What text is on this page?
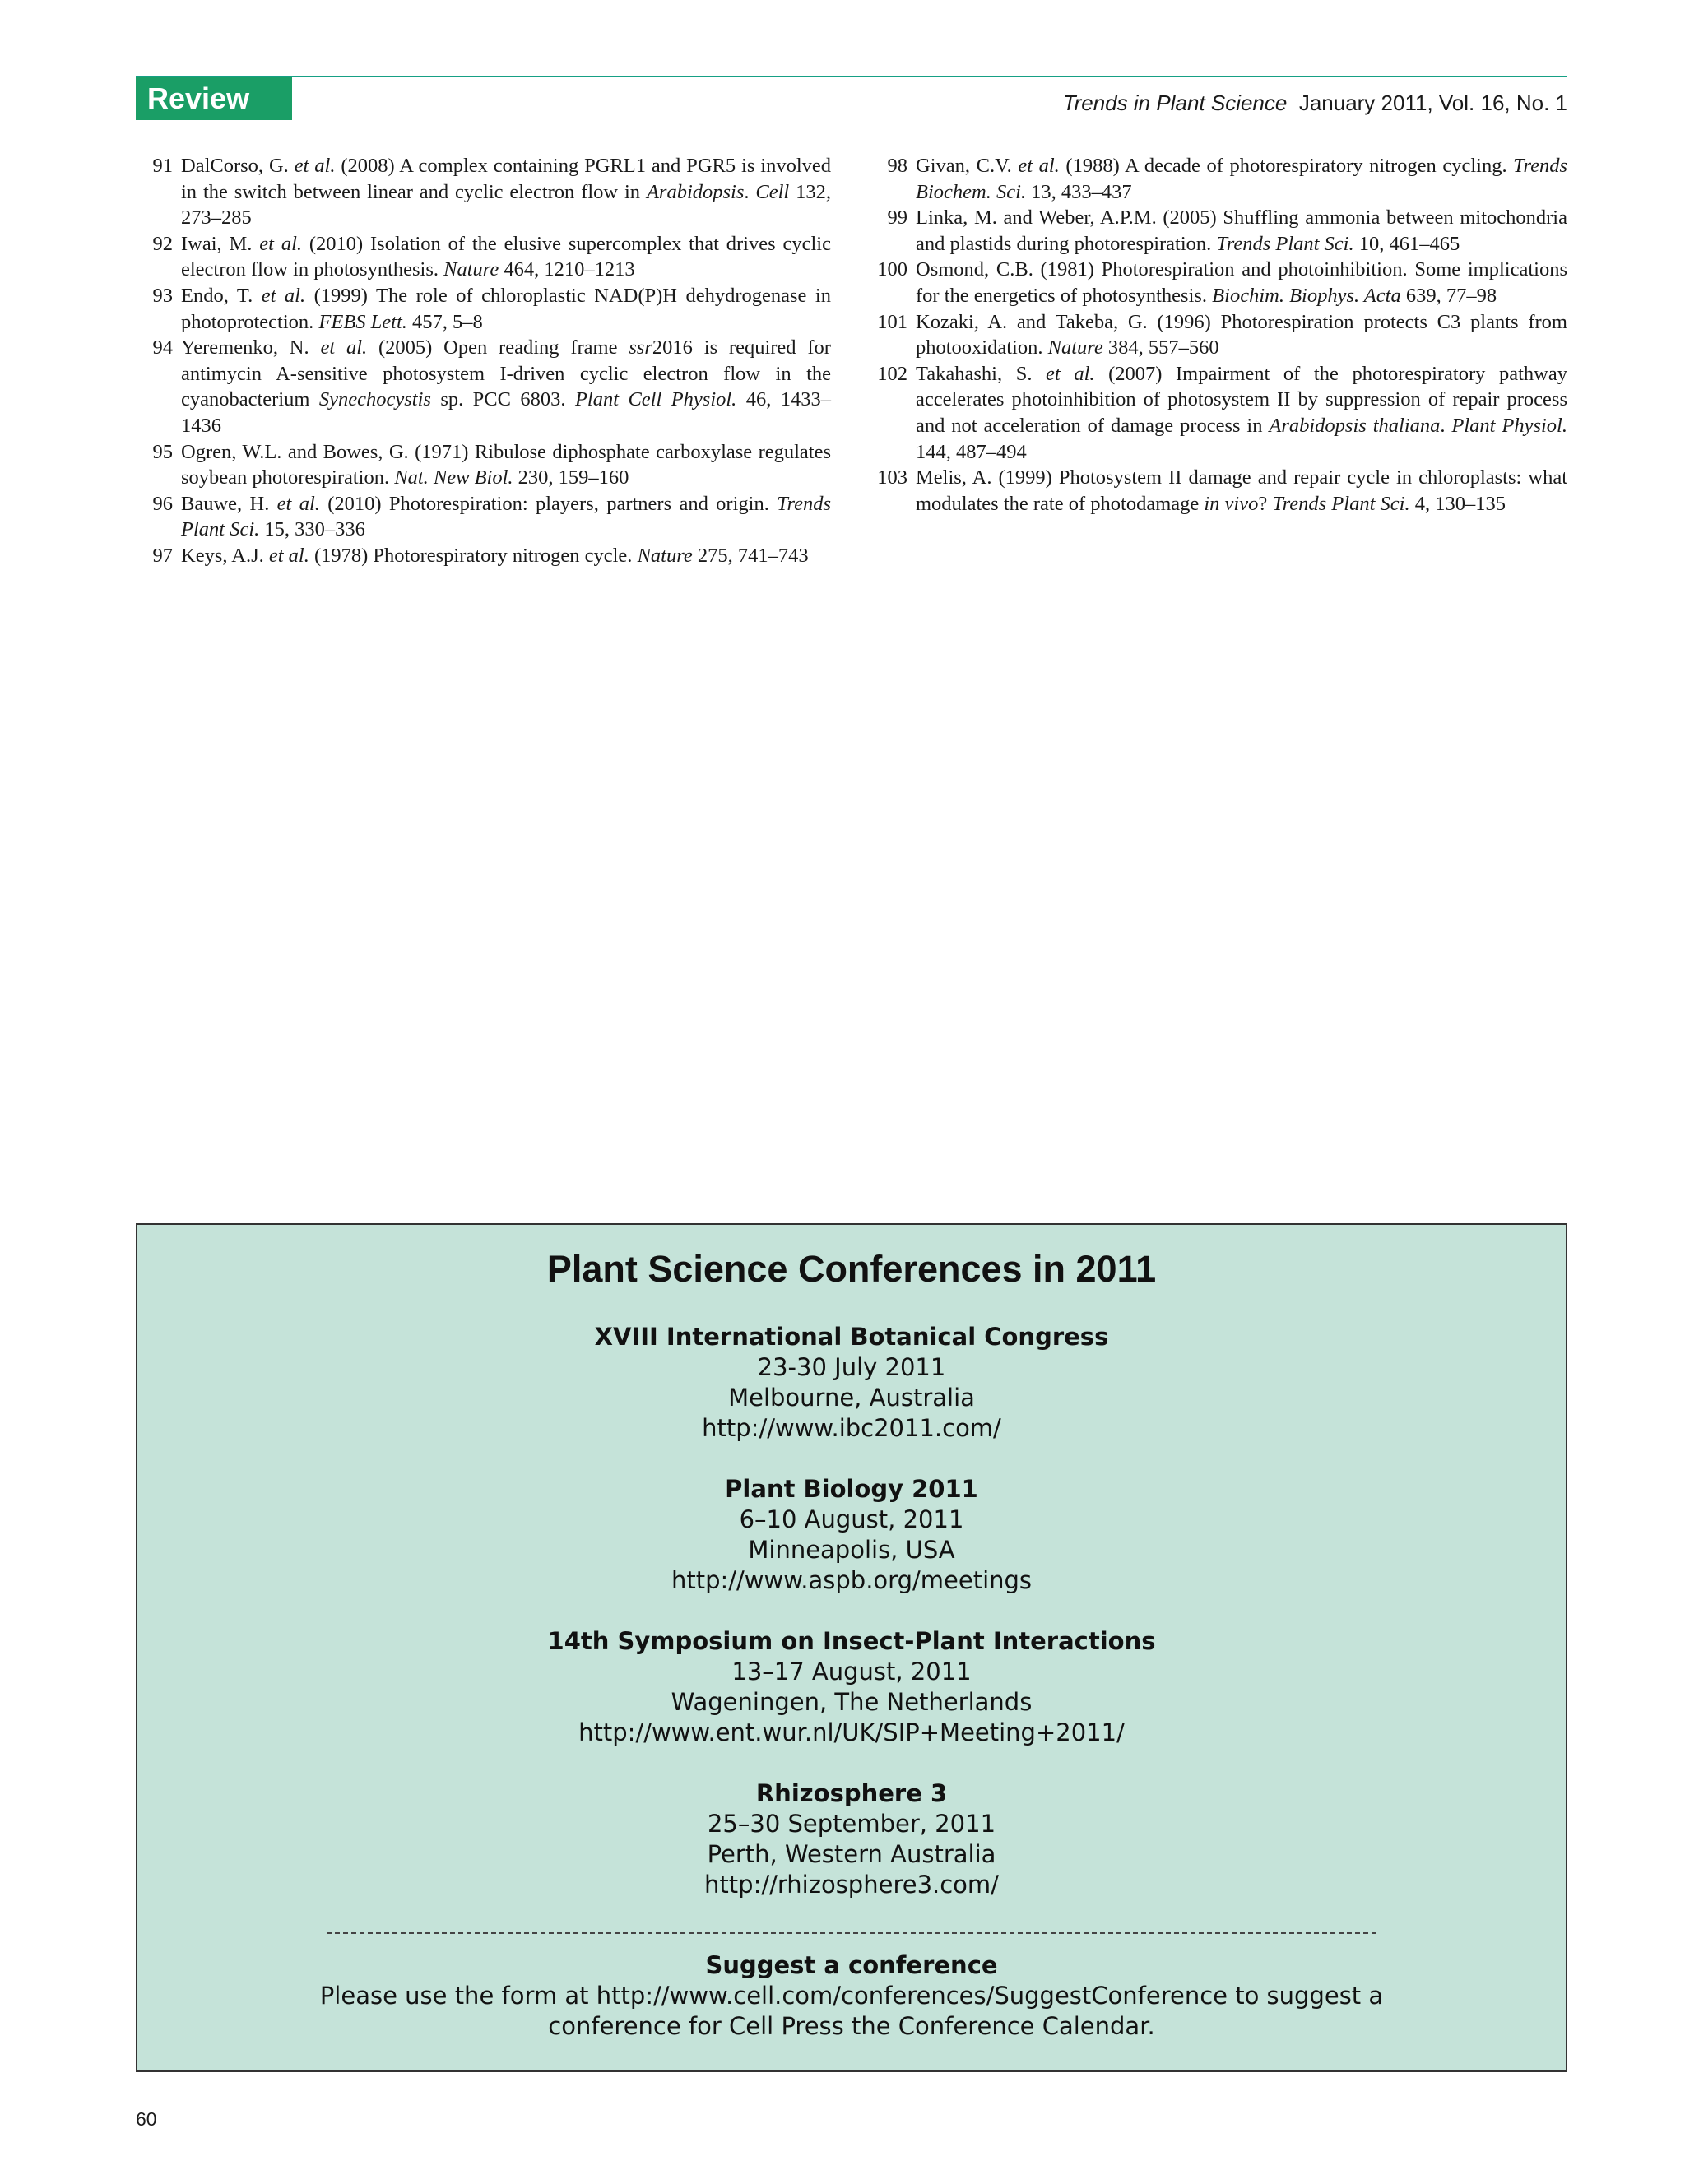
Review	Trends in Plant Science January 2011, Vol. 16, No. 1
91 DalCorso, G. et al. (2008) A complex containing PGRL1 and PGR5 is involved in the switch between linear and cyclic electron flow in Arabidopsis. Cell 132, 273–285
92 Iwai, M. et al. (2010) Isolation of the elusive supercomplex that drives cyclic electron flow in photosynthesis. Nature 464, 1210–1213
93 Endo, T. et al. (1999) The role of chloroplastic NAD(P)H dehydrogenase in photoprotection. FEBS Lett. 457, 5–8
94 Yeremenko, N. et al. (2005) Open reading frame ssr2016 is required for antimycin A-sensitive photosystem I-driven cyclic electron flow in the cyanobacterium Synechocystis sp. PCC 6803. Plant Cell Physiol. 46, 1433–1436
95 Ogren, W.L. and Bowes, G. (1971) Ribulose diphosphate carboxylase regulates soybean photorespiration. Nat. New Biol. 230, 159–160
96 Bauwe, H. et al. (2010) Photorespiration: players, partners and origin. Trends Plant Sci. 15, 330–336
97 Keys, A.J. et al. (1978) Photorespiratory nitrogen cycle. Nature 275, 741–743
98 Givan, C.V. et al. (1988) A decade of photorespiratory nitrogen cycling. Trends Biochem. Sci. 13, 433–437
99 Linka, M. and Weber, A.P.M. (2005) Shuffling ammonia between mitochondria and plastids during photorespiration. Trends Plant Sci. 10, 461–465
100 Osmond, C.B. (1981) Photorespiration and photoinhibition. Some implications for the energetics of photosynthesis. Biochim. Biophys. Acta 639, 77–98
101 Kozaki, A. and Takeba, G. (1996) Photorespiration protects C3 plants from photooxidation. Nature 384, 557–560
102 Takahashi, S. et al. (2007) Impairment of the photorespiratory pathway accelerates photoinhibition of photosystem II by suppression of repair process and not acceleration of damage process in Arabidopsis thaliana. Plant Physiol. 144, 487–494
103 Melis, A. (1999) Photosystem II damage and repair cycle in chloroplasts: what modulates the rate of photodamage in vivo? Trends Plant Sci. 4, 130–135
Plant Science Conferences in 2011
XVIII International Botanical Congress
23-30 July 2011
Melbourne, Australia
http://www.ibc2011.com/
Plant Biology 2011
6–10 August, 2011
Minneapolis, USA
http://www.aspb.org/meetings
14th Symposium on Insect-Plant Interactions
13–17 August, 2011
Wageningen, The Netherlands
http://www.ent.wur.nl/UK/SIP+Meeting+2011/
Rhizosphere 3
25–30 September, 2011
Perth, Western Australia
http://rhizosphere3.com/
Suggest a conference
Please use the form at http://www.cell.com/conferences/SuggestConference to suggest a conference for Cell Press the Conference Calendar.
60
